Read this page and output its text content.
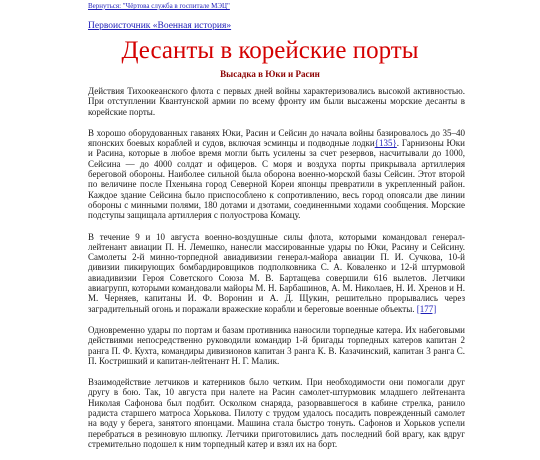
Вернуться: "Чёртова служба в госпитале МЭЦ"
Первоисточник «Военная история»
Десанты в корейские порты
Высадка в Юки и Расин

Действия Тихоокеанского флота с первых дней войны характеризовались высокой активностью. При отступлении Квантунской армии по всему фронту им были высажены морские десанты в корейские порты.

В хорошо оборудованных гаванях Юки, Расин и Сейсин до начала войны базировалось до 35–40 японских боевых кораблей и судов, включая эсминцы и подводные лодки{135}. Гарнизоны Юки и Расина, которые в любое время могли быть усилены за счет резервов, насчитывали до 1000, Сейсина — до 4000 солдат и офицеров. С моря и воздуха порты прикрывала артиллерия береговой обороны. Наиболее сильной была оборона военно-морской базы Сейсин. Этот второй по величине после Пхеньяна город Северной Кореи японцы превратили в укрепленный район. Каждое здание Сейсина было приспособлено к сопротивлению, весь город опоясали две линии обороны с минными полями, 180 дотами и дзотами, соединенными ходами сообщения. Морские подступы защищала артиллерия с полуострова Комацу.

В течение 9 и 10 августа военно-воздушные силы флота, которыми командовал генерал-лейтенант авиации П. Н. Лемешко, нанесли массированные удары по Юки, Расину и Сейсину. Самолеты 2-й минно-торпедной авиадивизии генерал-майора авиации П. И. Сучкова, 10-й дивизии пикирующих бомбардировщиков подполковника С. А. Коваленко и 12-й штурмовой авиадивизии Героя Советского Союза М. В. Бартащева совершили 616 вылетов. Летчики авиагрупп, которыми командовали майоры М. Н. Барбашинов, А. М. Николаев, Н. И. Хренов и Н. М. Черняев, капитаны И. Ф. Воронин и А. Д. Щукин, решительно прорывались через заградительный огонь и поражали вражеские корабли и береговые военные объекты. [177]

Одновременно удары по портам и базам противника наносили торпедные катера. Их набеговыми действиями непосредственно руководили командир 1-й бригады торпедных катеров капитан 2 ранга П. Ф. Кухта, командиры дивизионов капитан 3 ранга К. В. Казачинский, капитан 3 ранга С. П. Костришкий и капитан-лейтенант Н. Г. Малик.

Взаимодействие летчиков и катерников было четким. При необходимости они помогали друг другу в бою. Так, 10 августа при налете на Расин самолет-штурмовик младшего лейтенанта Николая Сафонова был подбит. Осколком снаряда, разорвавшегося в кабине стрелка, ранило радиста старшего матроса Хорькова. Пилоту с трудом удалось посадить поврежденный самолет на воду у берега, занятого японцами. Машина стала быстро тонуть. Сафонов и Хорьков успели перебраться в резиновую шлюпку. Летчики приготовились дать последний бой врагу, как вдруг стремительно подошел к ним торпедный катер и взял их на борт.
